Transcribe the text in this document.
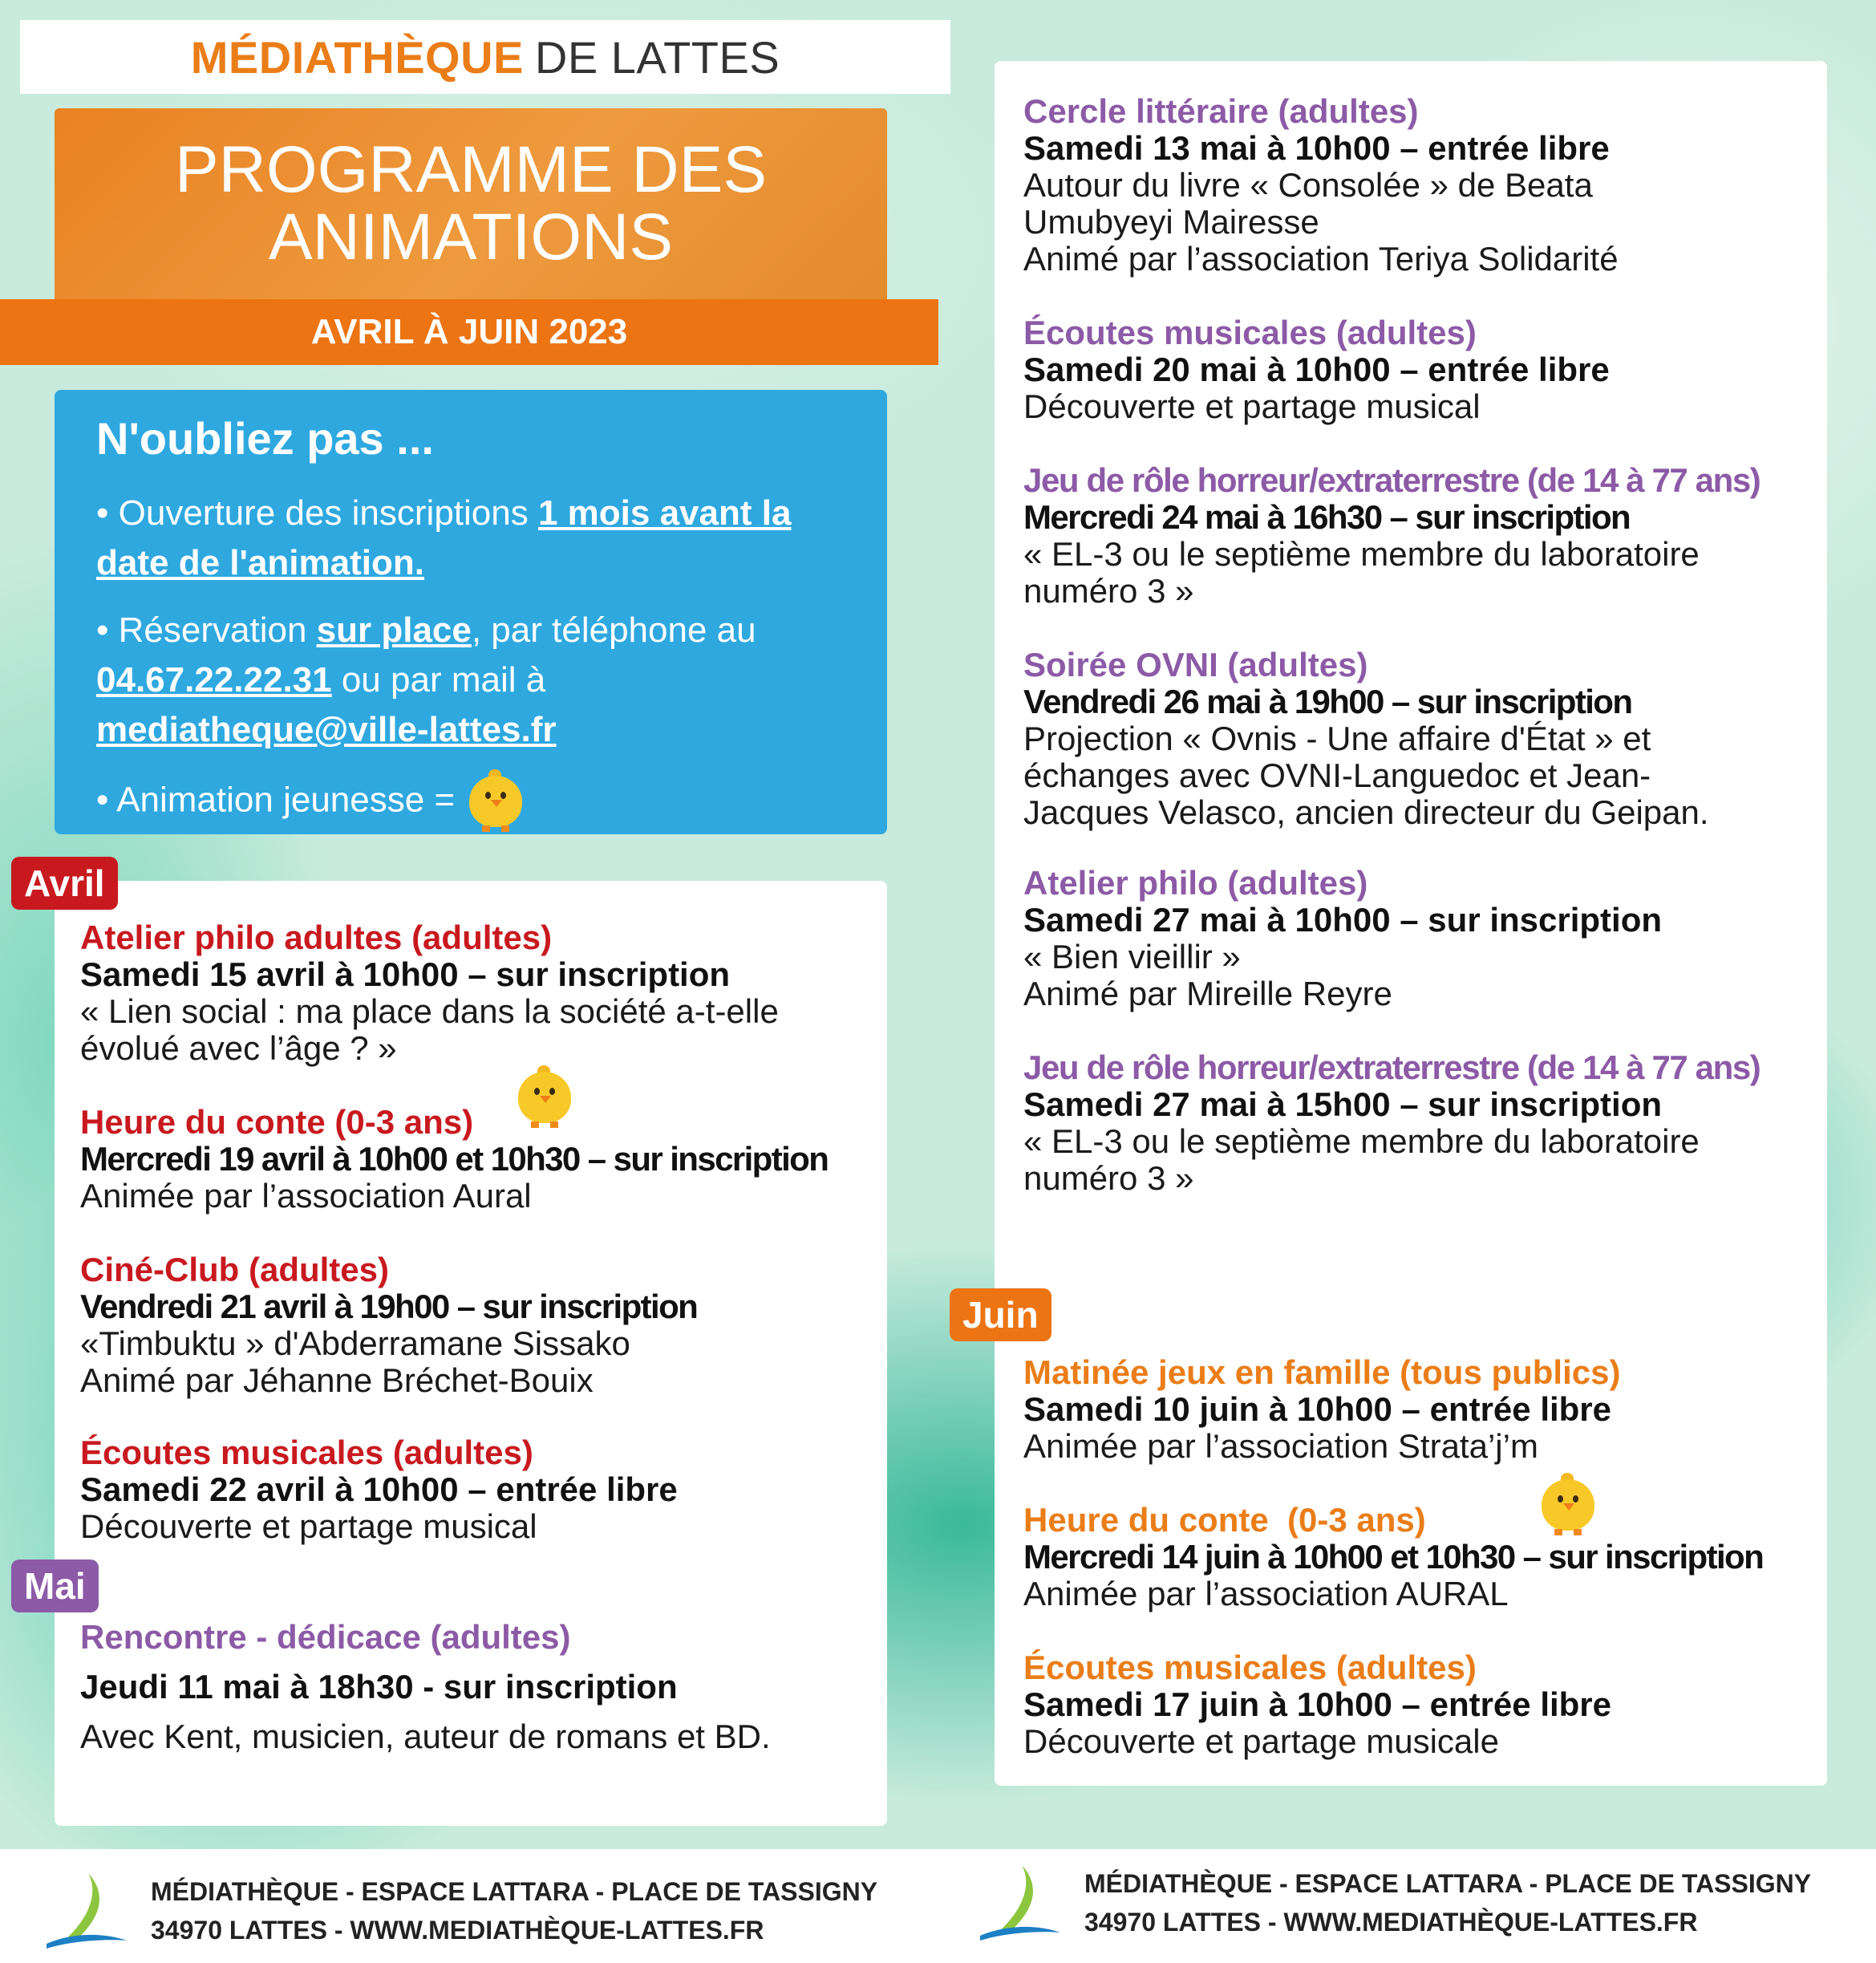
MÉDIATHÈQUE DE LATTES
PROGRAMME DES
ANIMATIONS
AVRIL À JUIN 2023
N'oubliez pas ...

• Ouverture des inscriptions 1 mois avant la date de l'animation.

• Réservation sur place, par téléphone au
04.67.22.22.31 ou par mail à
mediatheque@ville-lattes.fr

• Animation jeunesse =

Avril
Atelier philo adultes (adultes)
Samedi 15 avril à 10h00 – sur inscription
« Lien social : ma place dans la société a-t-elle
évolué avec l’âge ? »
Heure du conte (0-3 ans)
Mercredi 19 avril à 10h00 et 10h30 – sur inscription
Animée par l’association Aural

Ciné-Club (adultes)
Vendredi 21 avril à 19h00 – sur inscription
«Timbuktu » d'Abderramane Sissako
Animé par Jéhanne Bréchet-Bouix
Écoutes musicales (adultes)
Samedi 22 avril à 10h00 – entrée libre
Découverte et partage musical
Mai
Rencontre - dédicace (adultes)
Jeudi 11 mai à 18h30 - sur inscription
Avec Kent, musicien, auteur de romans et BD.
Cercle littéraire (adultes)
Samedi 13 mai à 10h00 – entrée libre
Autour du livre « Consolée » de Beata
Umubyeyi Mairesse
Animé par l’association Teriya Solidarité
Écoutes musicales (adultes)
Samedi 20 mai à 10h00 – entrée libre
Découverte et partage musical
Jeu de rôle horreur/extraterrestre (de 14 à 77 ans)
Mercredi 24 mai à 16h30 – sur inscription
« EL-3 ou le septième membre du laboratoire
numéro 3 »
Soirée OVNI (adultes)
Vendredi 26 mai à 19h00 – sur inscription
Projection « Ovnis - Une affaire d'État » et
échanges avec OVNI-Languedoc et Jean-
Jacques Velasco, ancien directeur du Geipan.
Atelier philo (adultes)
Samedi 27 mai à 10h00 – sur inscription
« Bien vieillir »
Animé par Mireille Reyre
Jeu de rôle horreur/extraterrestre (de 14 à 77 ans)
Samedi 27 mai à 15h00 – sur inscription
« EL-3 ou le septième membre du laboratoire
numéro 3 »
Juin
Matinée jeux en famille (tous publics)
Samedi 10 juin à 10h00 – entrée libre
Animée par l’association Strata’j’m
Heure du conte  (0-3 ans)
Mercredi 14 juin à 10h00 et 10h30 – sur inscription
Animée par l’association AURAL
Écoutes musicales (adultes)
Samedi 17 juin à 10h00 – entrée libre
Découverte et partage musicale
MÉDIATHÈQUE - ESPACE LATTARA - PLACE DE TASSIGNY
34970 LATTES - WWW.MEDIATHÈQUE-LATTES.FR
MÉDIATHÈQUE - ESPACE LATTARA - PLACE DE TASSIGNY
34970 LATTES - WWW.MEDIATHÈQUE-LATTES.FR
